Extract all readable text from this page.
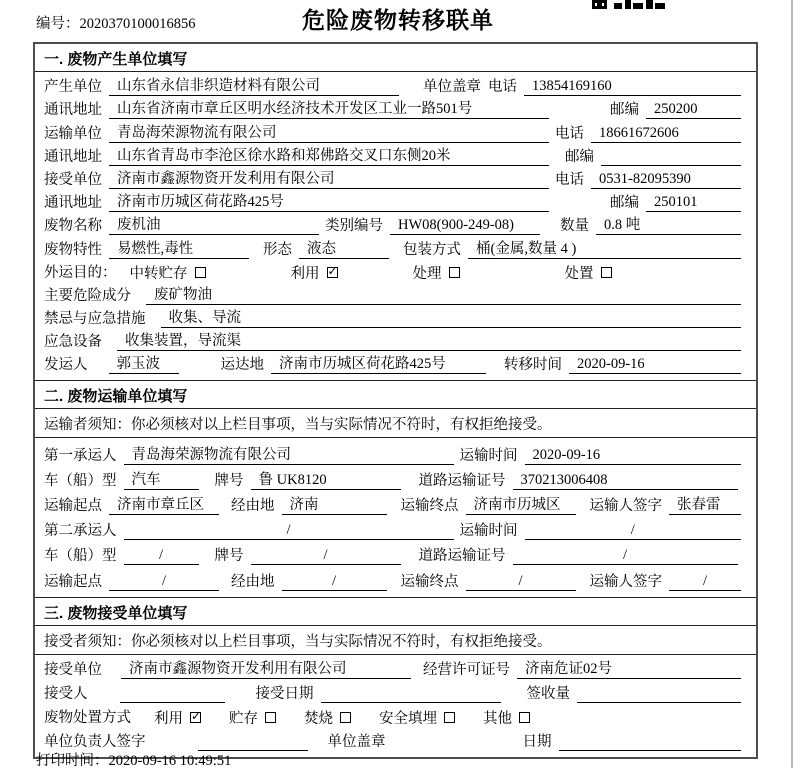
编号：2020370100016856	危险废物转移联单
一. 废物产生单位填写
产生单位	山东省永信非织造材料有限公司	单位盖章 电话	13854169160
通讯地址	山东省济南市章丘区明水经济技术开发区工业一路501号	邮编	250200
运输单位	青岛海荣源物流有限公司	电话	18661672606
通讯地址	山东省青岛市李沧区徐水路和郑佛路交叉口东侧20米	邮编
接受单位	济南市鑫源物资开发利用有限公司	电话	0531-82095390
通讯地址	济南市历城区荷花路425号	邮编	250101
废物名称	废机油	类别编号	HW08(900-249-08)	数量	0.8 吨
废物特性	易燃性,毒性	形态	液态	包装方式	桶(金属,数量 4 )
外运目的： 中转贮存	利用 ✓	处理	处置
主要危险成分	废矿物油
禁忌与应急措施	收集、导流
应急设备	收集装置，导流渠
发运人	郭玉波	运达地	济南市历城区荷花路425号	转移时间	2020-09-16
二. 废物运输单位填写
运输者须知：你必须核对以上栏目事项，当与实际情况不符时，有权拒绝接受。
第一承运人	青岛海荣源物流有限公司	运输时间	2020-09-16
车（船）型	汽车	牌号	鲁 UK8120	道路运输证号	370213006408
运输起点	济南市章丘区	经由地	济南	运输终点	济南市历城区	运输人签字	张春雷
第二承运人	/	运输时间	/
车（船）型	/	牌号	/	道路运输证号	/
运输起点	/	经由地	/	运输终点	/	运输人签字	/
三. 废物接受单位填写
接受者须知：你必须核对以上栏目事项，当与实际情况不符时，有权拒绝接受。
接受单位	济南市鑫源物资开发利用有限公司	经营许可证号	济南危证02号
接受人	接受日期	签收量
废物处置方式 利用 ✓	贮存	焚烧	安全填埋	其他
单位负责人签字	单位盖章	日期
打印时间：2020-09-16 10:49:51
